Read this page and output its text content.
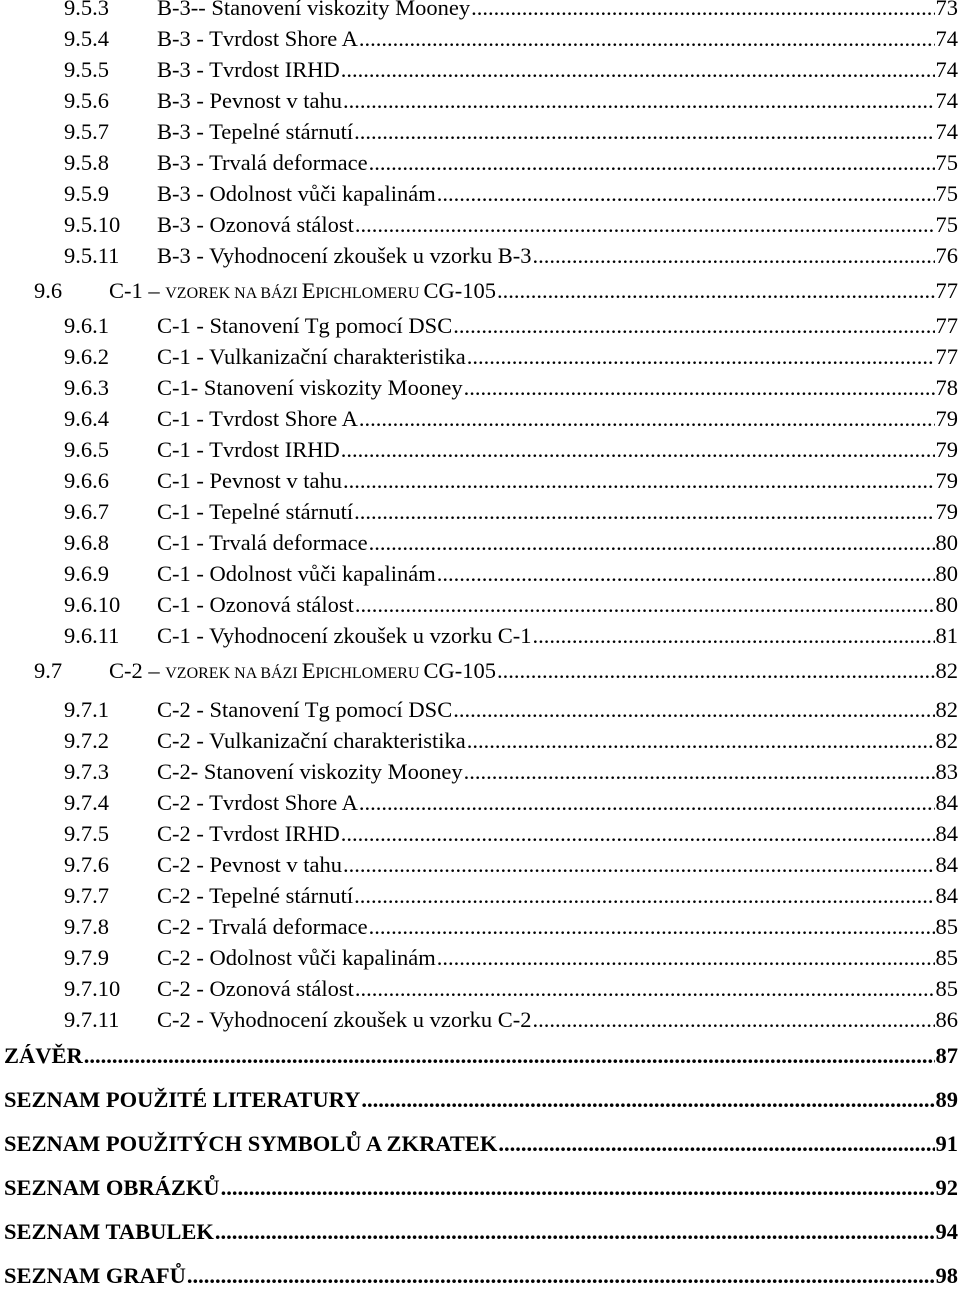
9.5.3	B-3-- Stanovení viskozity Mooney .....	73
9.5.4	B-3 - Tvrdost Shore A .....	74
9.5.5	B-3 - Tvrdost IRHD .....	74
9.5.6	B-3 - Pevnost v tahu .....	74
9.5.7	B-3 - Tepelné stárnutí .....	74
9.5.8	B-3 - Trvalá deformace .....	75
9.5.9	B-3 - Odolnost vůči kapalinám .....	75
9.5.10	B-3 - Ozonová stálost .....	75
9.5.11	B-3 - Vyhodnocení zkoušek u vzorku B-3 .....	76
9.6	C-1 – VZOREK NA BÁZI EPICHLOMERU CG-105 .....	77
9.6.1	C-1 - Stanovení Tg pomocí DSC .....	77
9.6.2	C-1 - Vulkanizační charakteristika .....	77
9.6.3	C-1- Stanovení viskozity Mooney .....	78
9.6.4	C-1 - Tvrdost Shore A .....	79
9.6.5	C-1 - Tvrdost IRHD .....	79
9.6.6	C-1 - Pevnost v tahu .....	79
9.6.7	C-1 - Tepelné stárnutí .....	79
9.6.8	C-1 - Trvalá deformace .....	80
9.6.9	C-1 - Odolnost vůči kapalinám .....	80
9.6.10	C-1 - Ozonová stálost .....	80
9.6.11	C-1 - Vyhodnocení zkoušek u vzorku C-1 .....	81
9.7	C-2 – VZOREK NA BÁZI EPICHLOMERU CG-105 .....	82
9.7.1	C-2 - Stanovení Tg pomocí DSC .....	82
9.7.2	C-2 - Vulkanizační charakteristika .....	82
9.7.3	C-2- Stanovení viskozity Mooney .....	83
9.7.4	C-2 - Tvrdost Shore A .....	84
9.7.5	C-2 - Tvrdost IRHD .....	84
9.7.6	C-2 - Pevnost v tahu .....	84
9.7.7	C-2 - Tepelné stárnutí .....	84
9.7.8	C-2 - Trvalá deformace .....	85
9.7.9	C-2 - Odolnost vůči kapalinám .....	85
9.7.10	C-2 - Ozonová stálost .....	85
9.7.11	C-2 - Vyhodnocení zkoušek u vzorku C-2 .....	86
ZÁVĚR .....	87
SEZNAM POUŽITÉ LITERATURY .....	89
SEZNAM POUŽITÝCH SYMBOLŮ A ZKRATEK .....	91
SEZNAM OBRÁZKŮ .....	92
SEZNAM TABULEK .....	94
SEZNAM GRAFŮ .....	98
